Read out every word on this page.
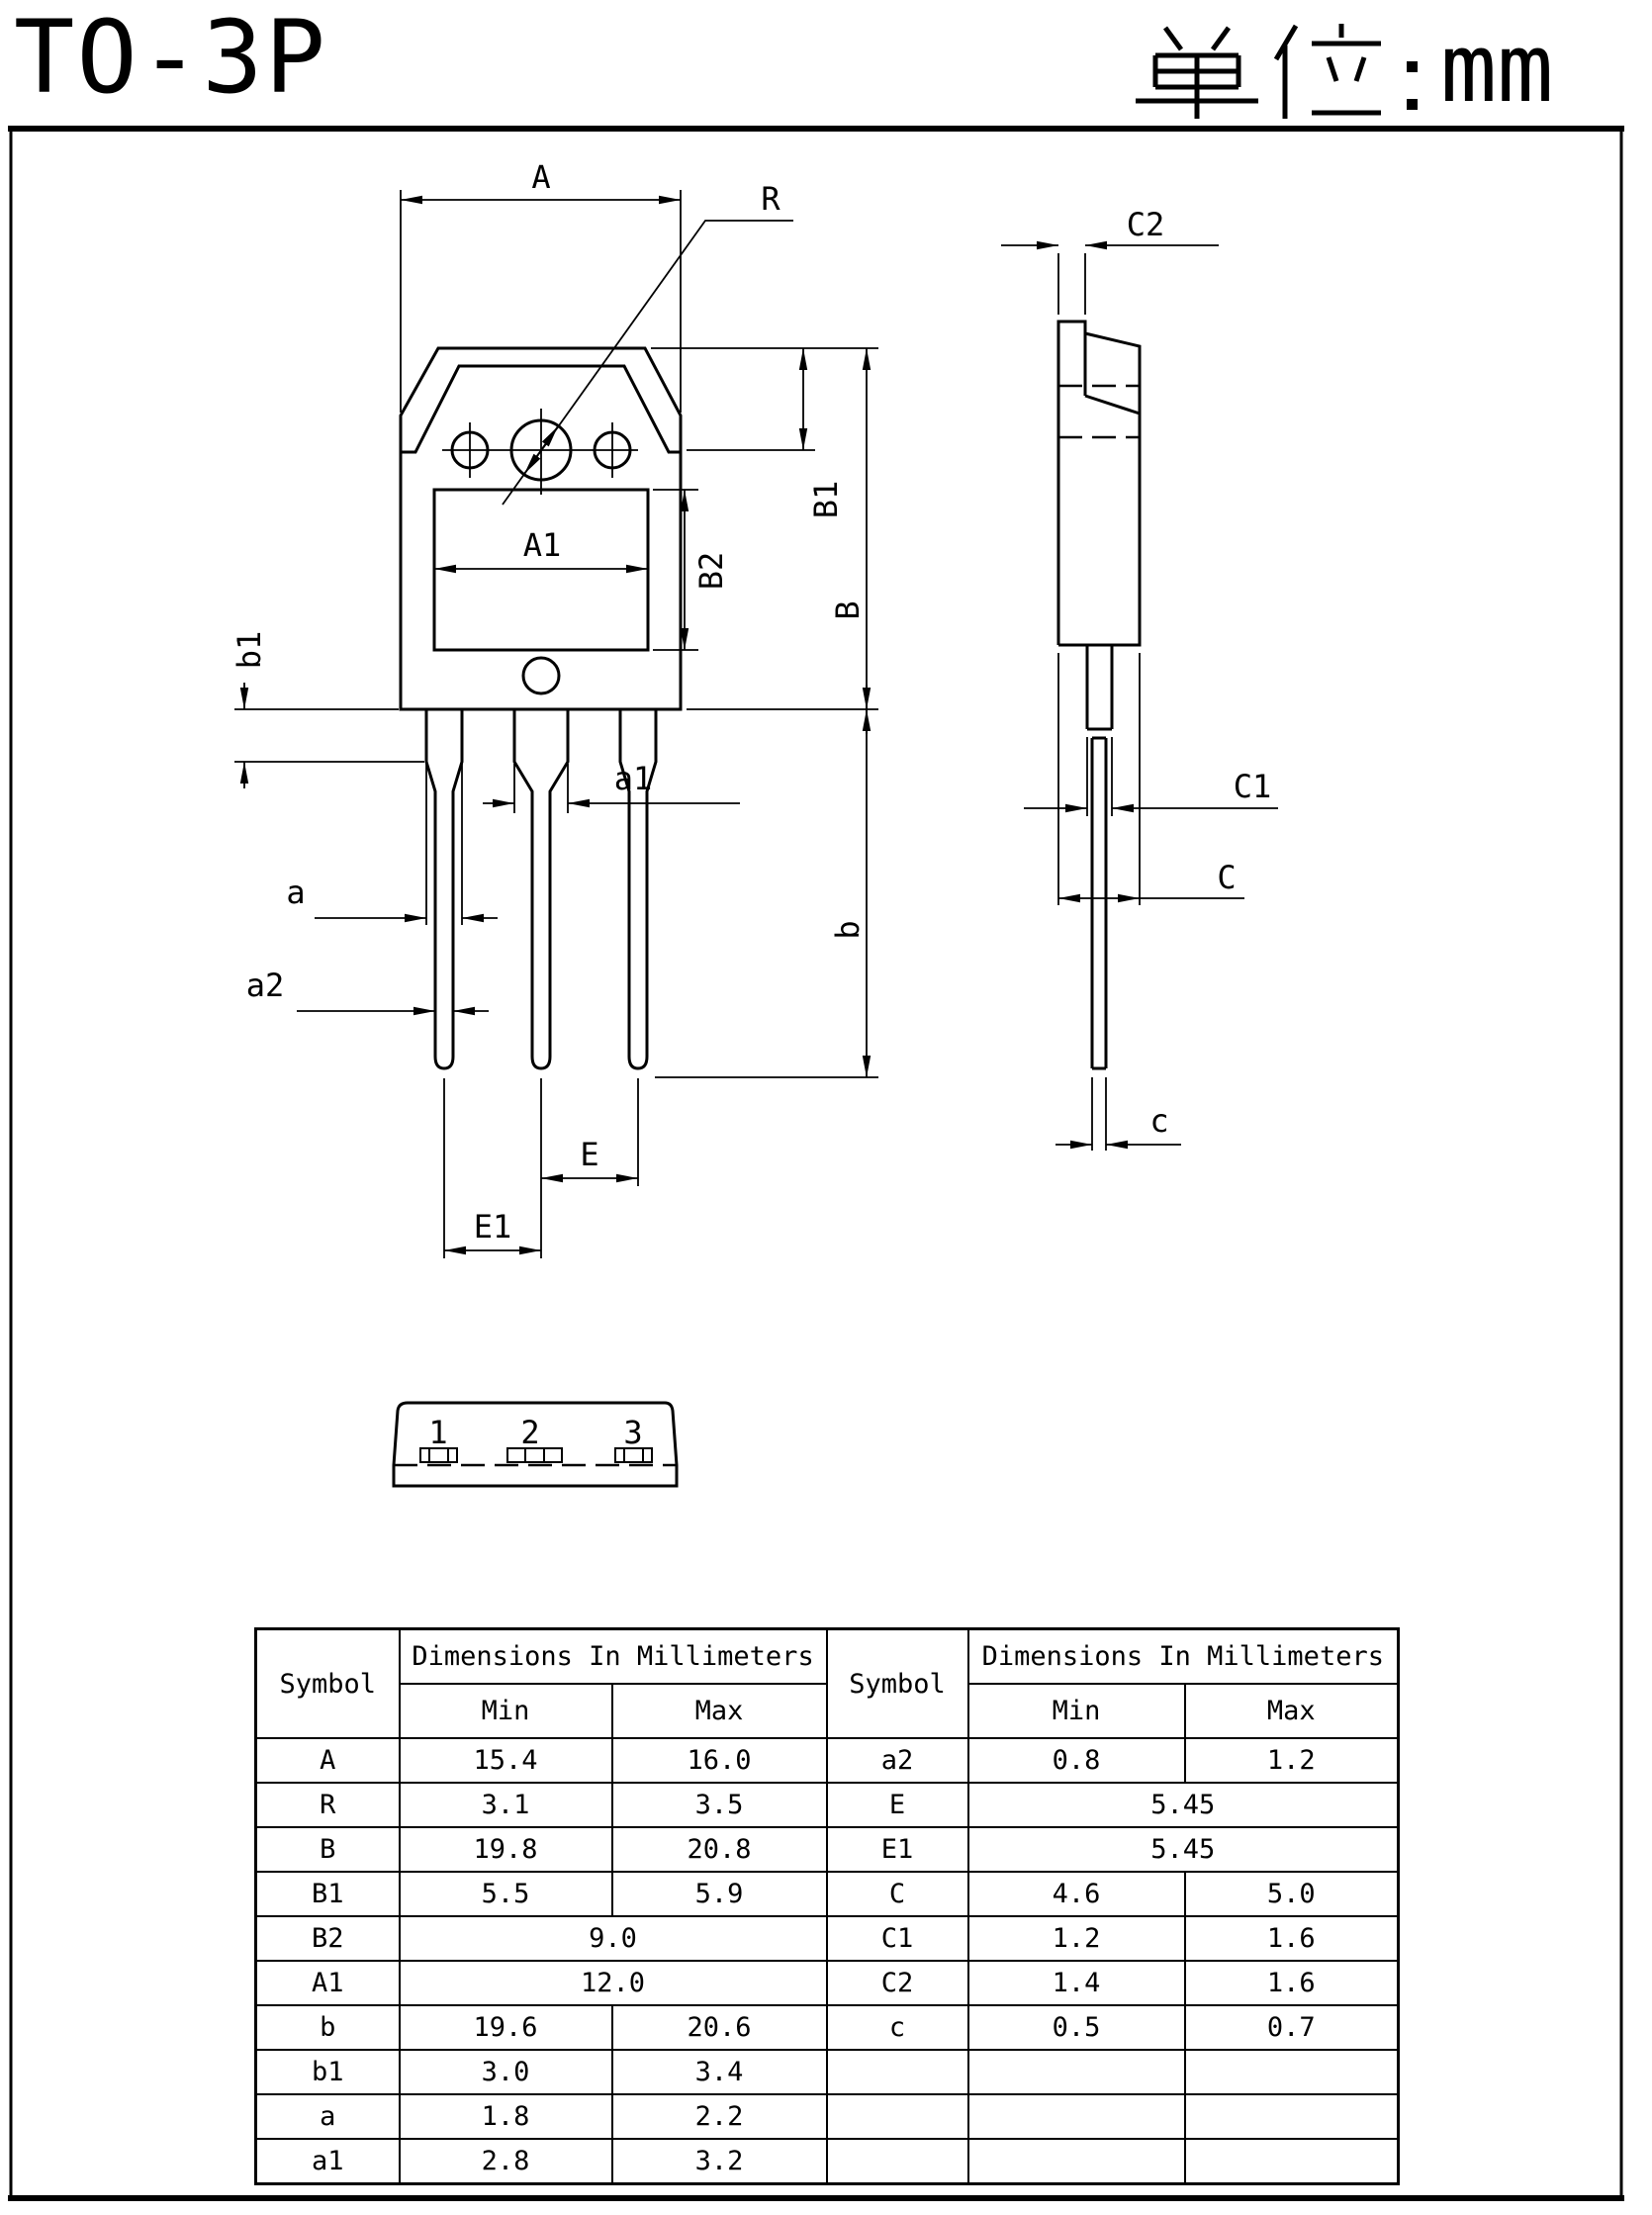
TO-3P	mm
A
R
B1
B2
B
b
A1
b1
a
a2
a1
E
E1
C2
C1
C
c
1 2	3
Symbol	Dimensions In Millimeters		Symbol	Dimensions In Millimeters	
	Min	Max		Min	Max
A	15.4	16.0	a2	0.8	1.2
R	3.1	3.5	E	5.45	
B	19.8	20.8	E1	5.45	
B1	5.5	5.9	C	4.6	5.0
B2	9.0		C1	1.2	1.6
A1	12.0		C2	1.4	1.6
b	19.6	20.6	c	0.5	0.7
b1	3.0	3.4			
a	1.8	2.2			
a1	2.8	3.2			
